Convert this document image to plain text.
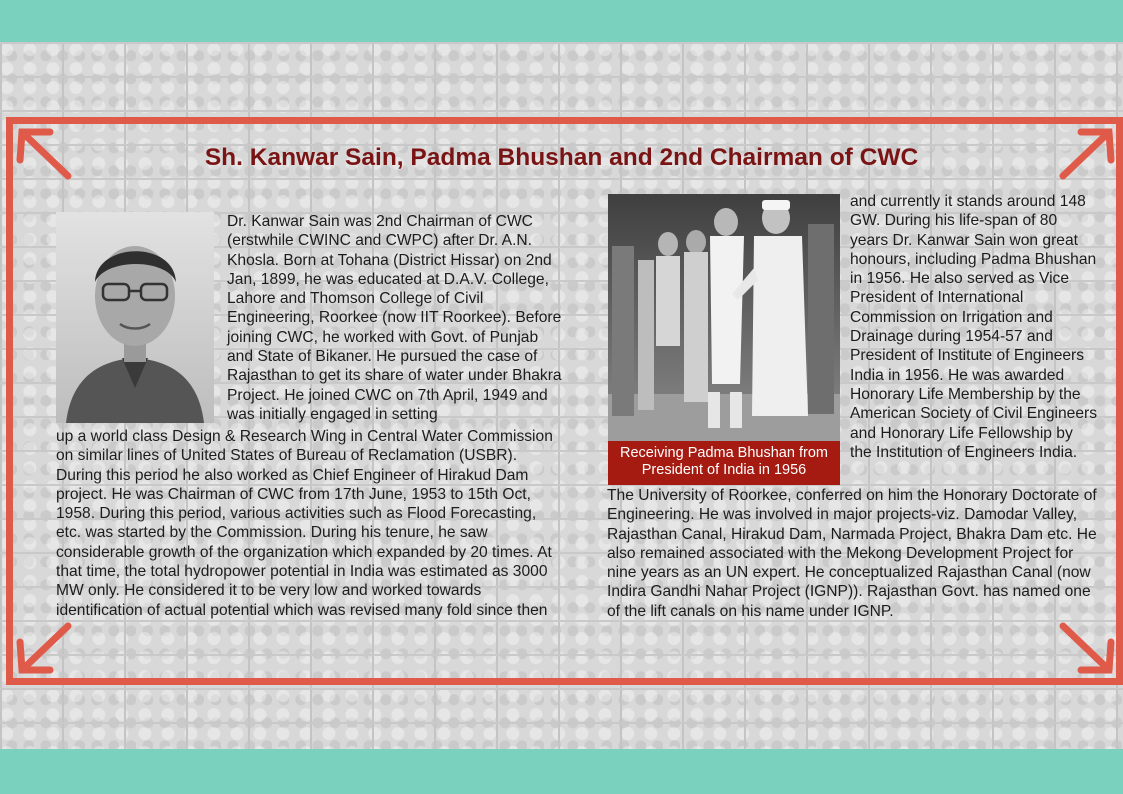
Sh. Kanwar Sain, Padma Bhushan and 2nd Chairman of CWC

Dr. Kanwar Sain was 2nd Chairman of CWC (erstwhile CWINC and CWPC) after Dr. A.N. Khosla. Born at Tohana (District Hissar) on 2nd Jan, 1899, he was educated at D.A.V. College, Lahore and Thomson College of Civil Engineering, Roorkee (now IIT Roorkee). Before joining CWC, he worked with Govt. of Punjab and State of Bikaner. He pursued the case of Rajasthan to get its share of water under Bhakra Project. He joined CWC on 7th April, 1949 and was initially engaged in setting

up a world class Design & Research Wing in Central Water Commission on similar lines of United States of Bureau of Reclamation (USBR). During this period he also worked as Chief Engineer of Hirakud Dam project. He was Chairman of CWC from 17th June, 1953 to 15th Oct, 1958. During this period, various activities such as Flood Forecasting, etc. was started by the Commission. During his tenure, he saw considerable growth of the organization which expanded by 20 times. At that time, the total hydropower potential in India was estimated as 3000 MW only. He considered it to be very low and worked towards identification of actual potential which was revised many fold since then

Receiving Padma Bhushan from President of India in 1956

and currently it stands around 148 GW. During his life-span of 80 years Dr. Kanwar Sain won great honours, including Padma Bhushan in 1956. He also served as Vice President of International Commission on Irrigation and Drainage during 1954-57 and President of Institute of Engineers India in 1956. He was awarded Honorary Life Membership by the American Society of Civil Engineers and Honorary Life Fellowship by the Institution of Engineers India.

The University of Roorkee, conferred on him the Honorary Doctorate of Engineering. He was involved in major projects-viz. Damodar Valley, Rajasthan Canal, Hirakud Dam, Narmada Project, Bhakra Dam etc. He also remained associated with the Mekong Development Project for nine years as an UN expert. He conceptualized Rajasthan Canal (now Indira Gandhi Nahar Project (IGNP)). Rajasthan Govt. has named one of the lift canals on his name under IGNP.
